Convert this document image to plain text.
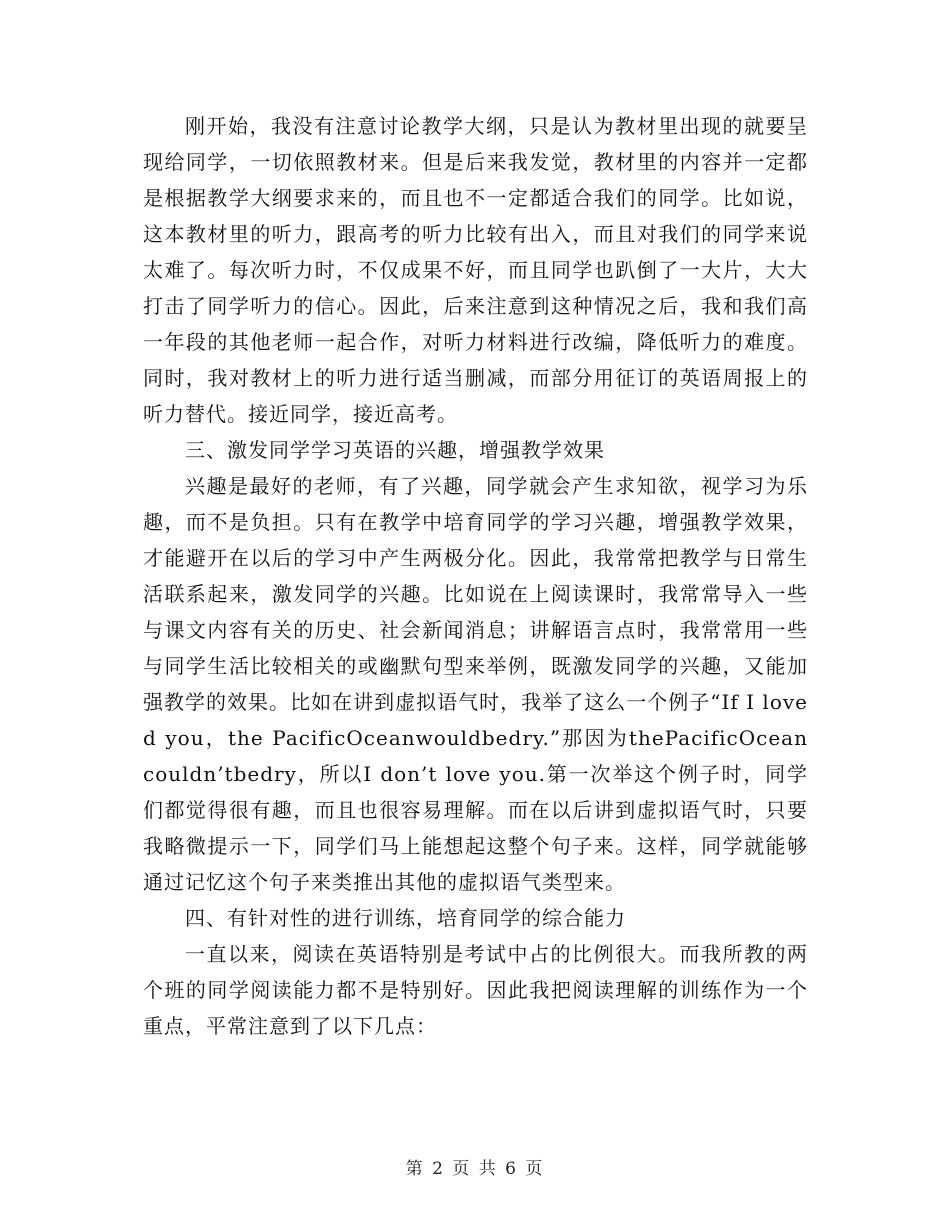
刚开始，我没有注意讨论教学大纲，只是认为教材里出现的就要呈现给同学，一切依照教材来。但是后来我发觉，教材里的内容并一定都是根据教学大纲要求来的，而且也不一定都适合我们的同学。比如说，这本教材里的听力，跟高考的听力比较有出入，而且对我们的同学来说太难了。每次听力时，不仅成果不好，而且同学也趴倒了一大片，大大打击了同学听力的信心。因此，后来注意到这种情况之后，我和我们高一年段的其他老师一起合作，对听力材料进行改编，降低听力的难度。同时，我对教材上的听力进行适当删减，而部分用征订的英语周报上的听力替代。接近同学，接近高考。

三、激发同学学习英语的兴趣，增强教学效果

兴趣是最好的老师，有了兴趣，同学就会产生求知欲，视学习为乐趣，而不是负担。只有在教学中培育同学的学习兴趣，增强教学效果，才能避开在以后的学习中产生两极分化。因此，我常常把教学与日常生活联系起来，激发同学的兴趣。比如说在上阅读课时，我常常导入一些与课文内容有关的历史、社会新闻消息；讲解语言点时，我常常用一些与同学生活比较相关的或幽默句型来举例，既激发同学的兴趣，又能加强教学的效果。比如在讲到虚拟语气时，我举了这么一个例子“If I loved you，the PacificOceanwouldbedry.”那因为thePacificOceancouldn’tbedry，所以I don’t love you.第一次举这个例子时，同学们都觉得很有趣，而且也很容易理解。而在以后讲到虚拟语气时，只要我略微提示一下，同学们马上能想起这整个句子来。这样，同学就能够通过记忆这个句子来类推出其他的虚拟语气类型来。

四、有针对性的进行训练，培育同学的综合能力

一直以来，阅读在英语特别是考试中占的比例很大。而我所教的两个班的同学阅读能力都不是特别好。因此我把阅读理解的训练作为一个重点，平常注意到了以下几点：

第 2 页 共 6 页
